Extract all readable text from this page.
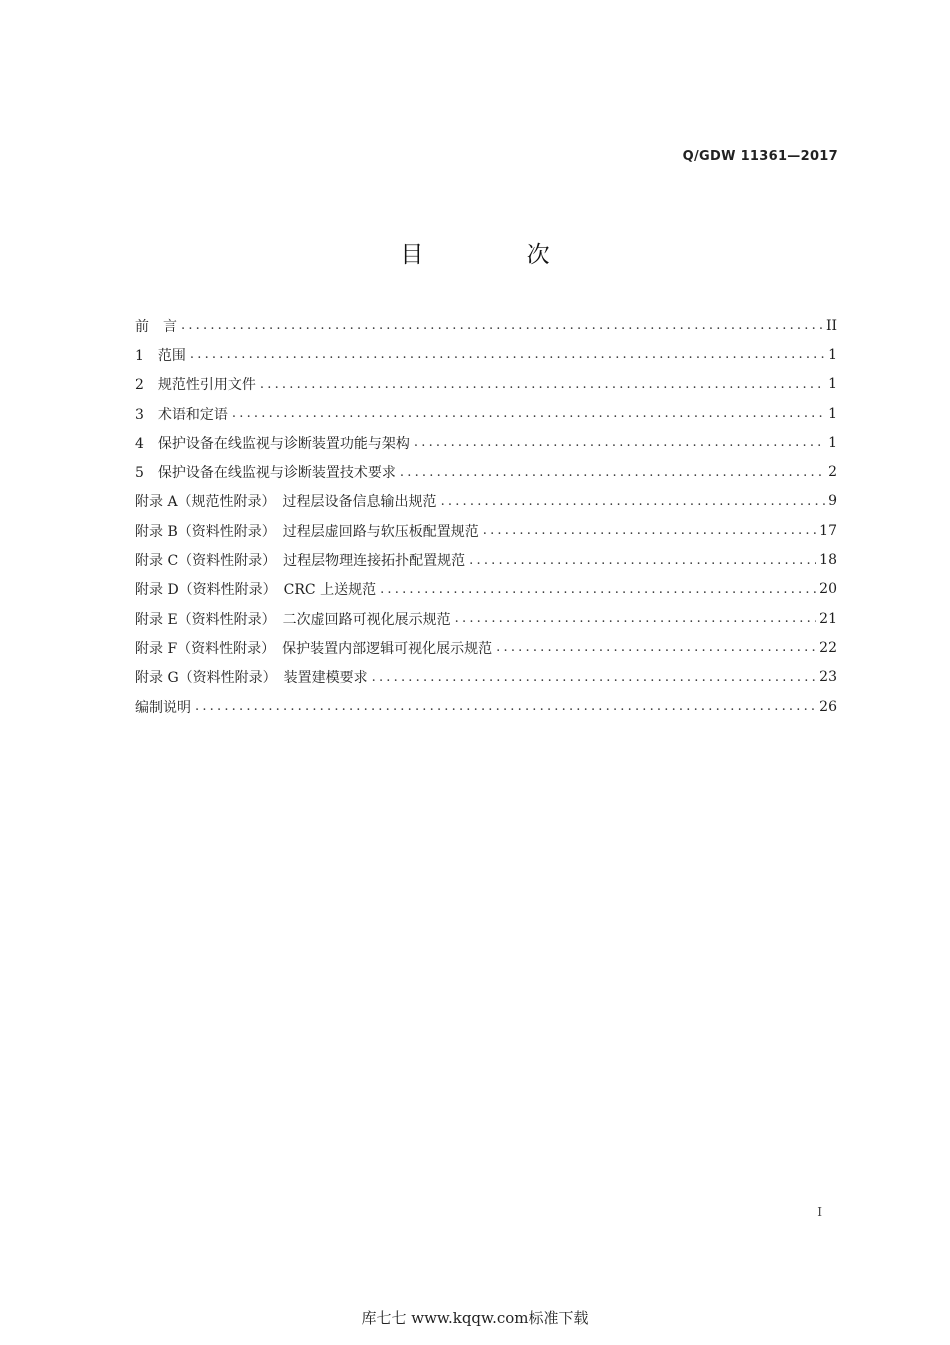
Q/GDW 11361—2017
目 次
前　言 .....	II
1　范围 .....	1
2　规范性引用文件 .....	1
3　术语和定语 .....	1
4　保护设备在线监视与诊断装置功能与架构 .....	1
5　保护设备在线监视与诊断装置技术要求 .....	2
附录 A（规范性附录）　过程层设备信息输出规范 .....	9
附录 B（资料性附录）　过程层虚回路与软压板配置规范 .....	17
附录 C（资料性附录）　过程层物理连接拓扑配置规范 .....	18
附录 D（资料性附录）　CRC 上送规范 .....	20
附录 E（资料性附录）　二次虚回路可视化展示规范 .....	21
附录 F（资料性附录）　保护装置内部逻辑可视化展示规范 .....	22
附录 G（资料性附录）　装置建模要求 .....	23
编制说明 .....	26
I
库七七 www.kqqw.com标准下载
